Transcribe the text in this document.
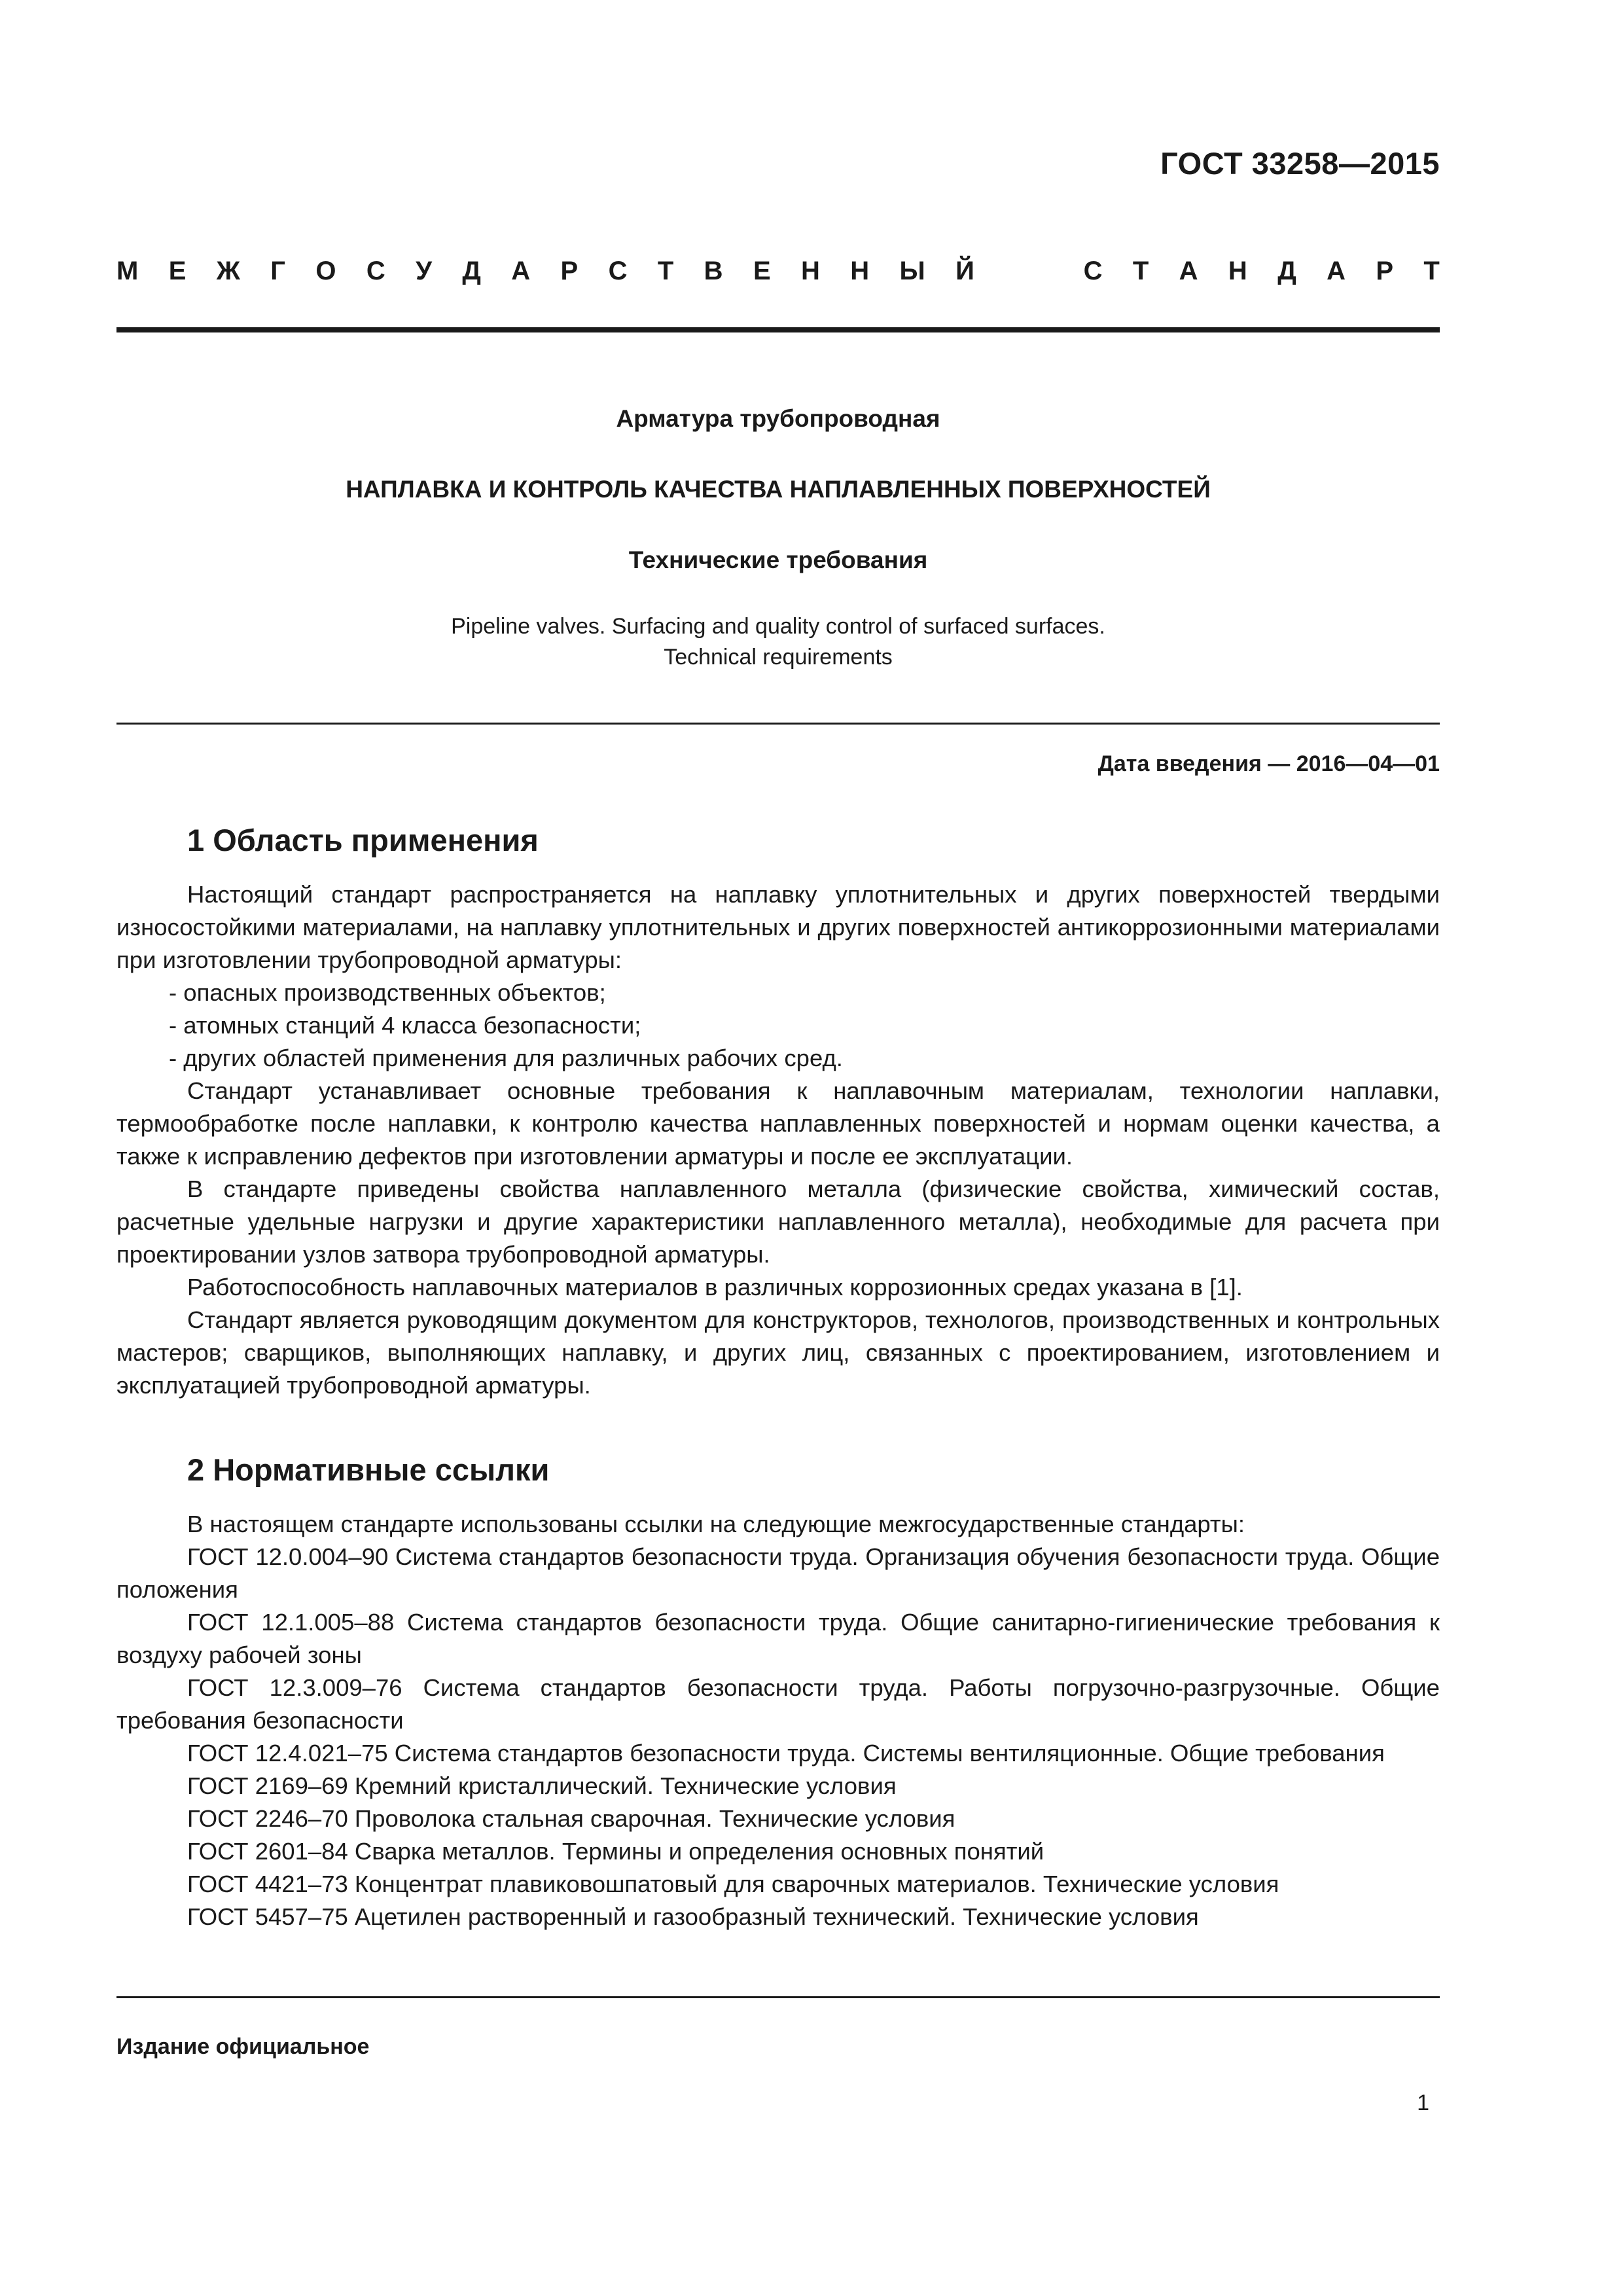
ГОСТ 33258—2015
М Е Ж Г О С У Д А Р С Т В Е Н Н Ы Й	С Т А Н Д А Р Т
Арматура трубопроводная
НАПЛАВКА И КОНТРОЛЬ КАЧЕСТВА НАПЛАВЛЕННЫХ ПОВЕРХНОСТЕЙ
Технические требования
Pipeline valves. Surfacing and quality control of surfaced surfaces.
Technical requirements
Дата введения — 2016—04—01
1 Область применения

Настоящий стандарт распространяется на наплавку уплотнительных и других поверхностей твердыми износостойкими материалами, на наплавку уплотнительных и других поверхностей антикоррозионными материалами при изготовлении трубопроводной арматуры:

- опасных производственных объектов;

- атомных станций 4 класса безопасности;

- других областей применения для различных рабочих сред.

Стандарт устанавливает основные требования к наплавочным материалам, технологии наплавки, термообработке после наплавки, к контролю качества наплавленных поверхностей и нормам оценки качества, а также к исправлению дефектов при изготовлении арматуры и после ее эксплуатации.

В стандарте приведены свойства наплавленного металла (физические свойства, химический состав, расчетные удельные нагрузки и другие характеристики наплавленного металла), необходимые для расчета при проектировании узлов затвора трубопроводной арматуры.

Работоспособность наплавочных материалов в различных коррозионных средах указана в [1].

Стандарт является руководящим документом для конструкторов, технологов, производственных и контрольных мастеров; сварщиков, выполняющих наплавку, и других лиц, связанных с проектированием, изготовлением и эксплуатацией трубопроводной арматуры.

2 Нормативные ссылки

В настоящем стандарте использованы ссылки на следующие межгосударственные стандарты:

ГОСТ 12.0.004–90 Система стандартов безопасности труда. Организация обучения безопасности труда. Общие положения

ГОСТ 12.1.005–88 Система стандартов безопасности труда. Общие санитарно-гигиенические требования к воздуху рабочей зоны

ГОСТ 12.3.009–76 Система стандартов безопасности труда. Работы погрузочно-разгрузочные. Общие требования безопасности

ГОСТ 12.4.021–75 Система стандартов безопасности труда. Системы вентиляционные. Общие требования

ГОСТ 2169–69 Кремний кристаллический. Технические условия

ГОСТ 2246–70 Проволока стальная сварочная. Технические условия

ГОСТ 2601–84 Сварка металлов. Термины и определения основных понятий

ГОСТ 4421–73 Концентрат плавиковошпатовый для сварочных материалов. Технические условия

ГОСТ 5457–75 Ацетилен растворенный и газообразный технический. Технические условия

Издание официальное
1
